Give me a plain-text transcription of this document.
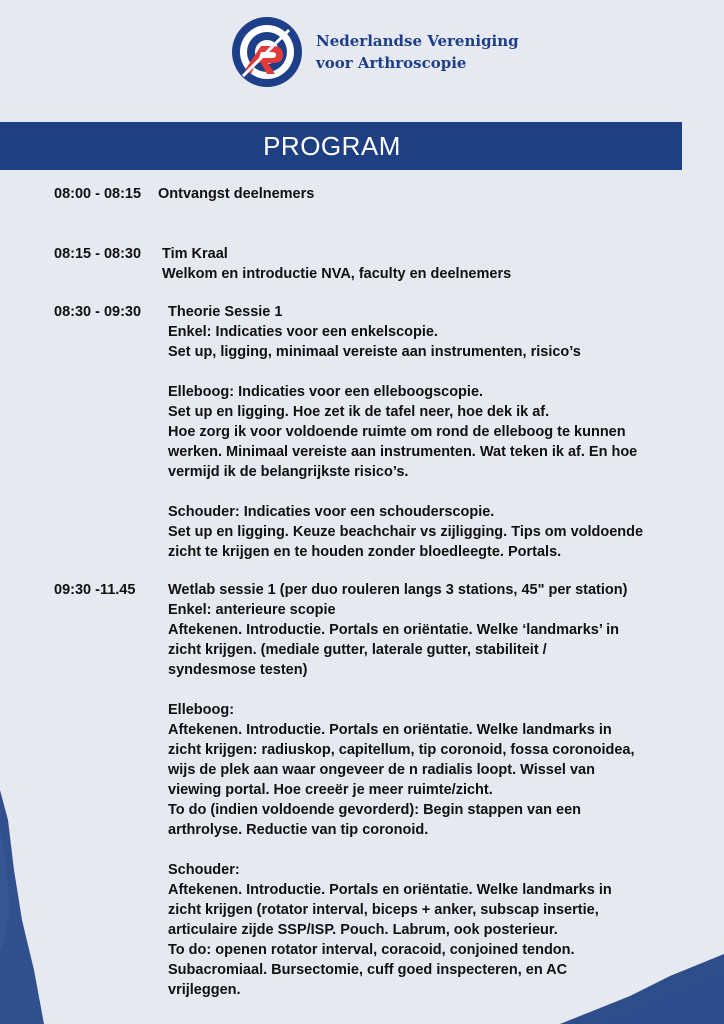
Nederlandse Vereniging
voor Arthroscopie
PROGRAM
08:00 - 08:15	Ontvangst deelnemers

08:15 - 08:30	Tim Kraal

Welkom en introductie NVA, faculty en deelnemers

08:30 - 09:30	Theorie Sessie 1

Enkel: Indicaties voor een enkelscopie.

Set up, ligging, minimaal vereiste aan instrumenten, risico’s

Elleboog: Indicaties voor een elleboogscopie.

Set up en ligging. Hoe zet ik de tafel neer, hoe dek ik af.

Hoe zorg ik voor voldoende ruimte om rond de elleboog te kunnen

werken. Minimaal vereiste aan instrumenten. Wat teken ik af. En hoe

vermijd ik de belangrijkste risico’s.

Schouder: Indicaties voor een schouderscopie.

Set up en ligging. Keuze beachchair vs zijligging. Tips om voldoende

zicht te krijgen en te houden zonder bloedleegte. Portals.

09:30 -11.45	Wetlab sessie 1 (per duo rouleren langs 3 stations, 45" per station)

Enkel: anterieure scopie

Aftekenen. Introductie. Portals en oriëntatie. Welke ‘landmarks’ in

zicht krijgen. (mediale gutter, laterale gutter, stabiliteit /

syndesmose testen)

Elleboog:

Aftekenen. Introductie. Portals en oriëntatie. Welke landmarks in

zicht krijgen: radiuskop, capitellum, tip coronoid, fossa coronoidea,

wijs de plek aan waar ongeveer de n radialis loopt. Wissel van

viewing portal. Hoe creeër je meer ruimte/zicht.

To do (indien voldoende gevorderd): Begin stappen van een

arthrolyse. Reductie van tip coronoid.

Schouder:

Aftekenen. Introductie. Portals en oriëntatie. Welke landmarks in

zicht krijgen (rotator interval, biceps + anker, subscap insertie,

articulaire zijde SSP/ISP. Pouch. Labrum, ook posterieur.

To do: openen rotator interval, coracoid, conjoined tendon.

Subacromiaal. Bursectomie, cuff goed inspecteren, en AC

vrijleggen.
